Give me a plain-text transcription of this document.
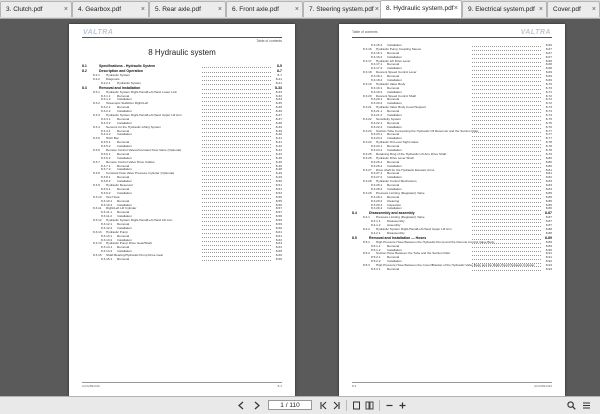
3. Clutch.pdf	×	4. Gearbox.pdf	×	5. Rear axle.pdf ×	6. Front axle.pdf ×	7. Steering system.pdf ×	8. Hydraulic system.pdf ×	9. Electrical system.pdf ×	Cover.pdf ×
VALTRA
Table of contents
8 Hydraulic system
8.1	Specifications - Hydraulic System	8-5
8.2	Description and Operation	8-7
8.2.1 Hydraulic System	8-7
8.2.2 Diagnosis	8-21
8.2.2.1 Hydraulic System	8-21
8.3	Removal and Installation	8-33
8.3.1 Hydraulic System Right-Hand/Left-Hand Lower Link	8-33
8.3.1.1 Removal	8-33
8.3.1.2 Installation	8-34
8.3.2 Telescopic Stabilizer Right/Left	8-35
8.3.2.1 Removal	8-35
8.3.2.2 Installation	8-36
8.3.3 Hydraulic System Right-Hand/Left-Hand Upper Lift Arm	8-37
8.3.3.1 Removal	8-37
8.3.3.2 Installation	8-38
8.3.4 Sensors for the Hydraulic Lifting System	8-39
8.3.4.1 Removal	8-39
8.3.4.2 Installation	8-40
8.3.5 Hitch Bar	8-41
8.3.5.1 Removal	8-41
8.3.5.2 Installation	8-42
8.3.6 Remote Control Valves/Constant Flow Valve (Optional)	8-43
8.3.6.1 Removal	8-43
8.3.6.2 Installation	8-45
8.3.7 Remote Control Valve Drive Cables	8-46
8.3.7.1 Removal	8-46
8.3.7.2 Installation	8-48
8.3.8 Constant Flow Valve Pressure Cylinder (Optional)	8-49
8.3.8.1 Removal	8-49
8.3.8.2 Installation	8-50
8.3.9 Hydraulic Reservoir	8-51
8.3.9.1 Removal	8-51
8.3.9.2 Installation	8-53
8.3.10 Tow Hook	8-55
8.3.10.1 Removal	8-55
8.3.10.2 Installation	8-56
8.3.11 Right/Left Lift Cylinder	8-57
8.3.11.1 Removal	8-57
8.3.11.2 Installation	8-58
8.3.12 Hydraulic System Right-Hand/Left-Hand Lift Arm	8-59
8.3.12.1 Removal	8-59
8.3.12.2 Installation	8-60
8.3.13 Hydraulic Pump	8-61
8.3.13.1 Removal	8-61
8.3.13.2 Installation	8-63
8.3.14 Hydraulic Pump Drive Gear/Shaft	8-64
8.3.14.1 Removal	8-64
8.3.14.2 Installation	8-65
8.3.15 Shaft Bearing/Hydraulic Pump Drive Gear	8-66
8.3.15.1 Removal	8-66
ACX2831410	8-1
Table of contents	VALTRA
8.3.15.2 Installation	8-66
8.3.16 Hydraulic Pump Coupling Sleeve	8-67
8.3.16.1 Removal	8-67
8.3.16.2 Installation	8-67
8.3.17 Hydraulic Lift Drive Lever	8-68
8.3.17.1 Removal	8-68
8.3.17.2 Installation	8-68
8.3.18 Descent Speed Control Lever	8-69
8.3.18.1 Removal	8-69
8.3.18.2 Installation	8-69
8.3.19 Hydraulic Valve Body	8-70
8.3.19.1 Removal	8-70
8.3.19.2 Installation	8-71
8.3.20 Descent Speed Control Shaft	8-72
8.3.20.1 Removal	8-72
8.3.20.2 Installation	8-72
8.3.21 Hydraulic Valve Body Cover/Support	8-73
8.3.21.1 Removal	8-73
8.3.21.2 Installation	8-74
8.3.22 Sensitivity System	8-75
8.3.22.1 Removal	8-75
8.3.22.2 Installation	8-76
8.3.23 Suction Tube Connecting the Hydraulic Oil Reservoir and the Suction Filter	8-77
8.3.23.1 Removal	8-77
8.3.23.2 Installation	8-77
8.3.24 Hydraulic Oil Level Sight Glass	8-78
8.3.24.1 Removal	8-78
8.3.24.2 Installation	8-78
8.3.25 Retaining Ring of the Hydraulic Lift Arm Drive Shaft	8-79
8.3.26 Hydraulic Drive Lever Shaft	8-80
8.3.26.1 Removal	8-80
8.3.26.2 Installation	8-80
8.3.27 Drive shaft for the Hydraulic Elevator Arms	8-81
8.3.27.1 Removal	8-81
8.3.27.2 Installation	8-82
8.3.28 Hydraulic Control Mechanism	8-83
8.3.28.1 Removal	8-83
8.3.28.2 Installation	8-84
8.3.29 Pressure Limiting (Regulator) Valve	8-85
8.3.29.1 Removal	8-85
8.3.29.2 Cleaning	8-85
8.3.29.3 Inspection	8-85
8.3.29.4 Installation	8-86
8.4	Disassembly and assembly	8-87
8.4.1 Pressure Limiting (Regulator) Valve	8-87
8.4.1.1 Disassembly	8-87
8.4.1.2 Assembly	8-87
8.4.2 Hydraulic System Right-Hand/Left-Hand Upper Lift Arm	8-88
8.4.2.1 Disassembly	8-88
8.5	Removal and Installation — Hoses	8-89
8.5.1 High Pressure Hose Between the Hydraulic Pump and the Remote Control Valve Body	8-89
8.5.1.1 Removal	8-89
8.5.1.2 Installation	8-90
8.5.2 Suction Hose Between the Tube and the Suction Filter	8-91
8.5.2.1 Removal	8-91
8.5.2.2 Installation	8-92
8.5.3 High Pressure Hose Between the Cover/Bracket of the Hydraulic Valve Body and the Right-Hand Hydraulic Cylinder	8-93
8.5.3.1 Removal	8-93
8-2	ACX2831410
1 / 110
